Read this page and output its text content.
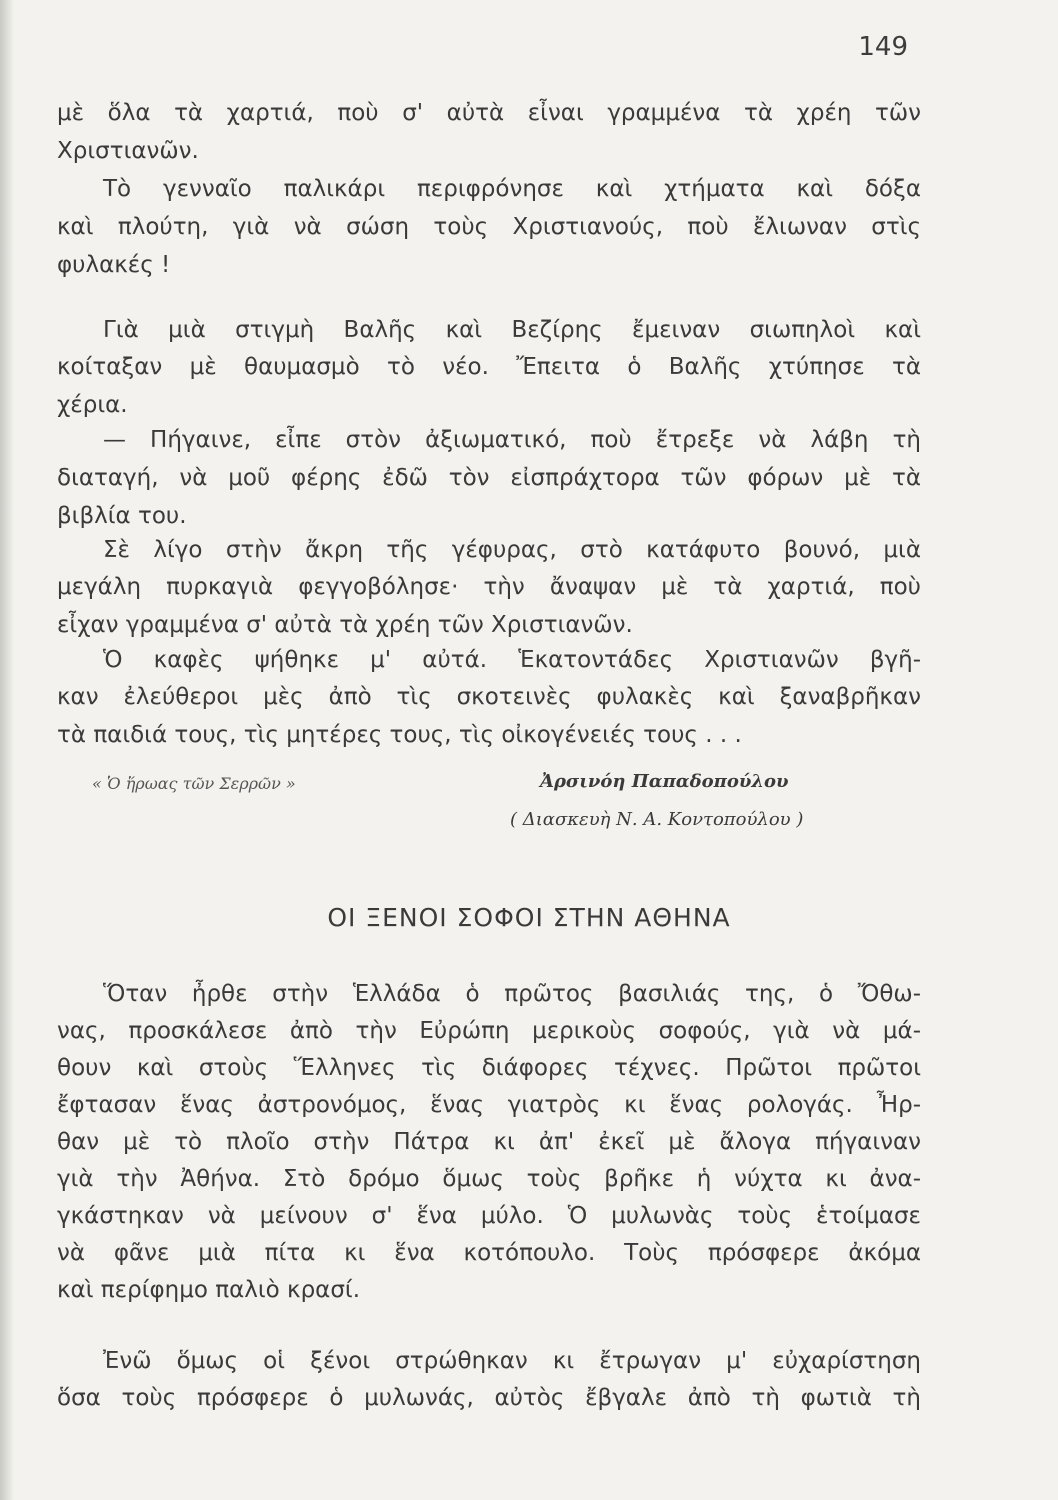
149
μὲ ὅλα τὰ χαρτιά, ποὺ σ' αὐτὰ εἶναι γραμμένα τὰ χρέη τῶν
Χριστιανῶν.
Τὸ γενναῖο παλικάρι περιφρόνησε καὶ χτήματα καὶ δόξα
καὶ πλούτη, γιὰ νὰ σώση τοὺς Χριστιανούς, ποὺ ἔλιωναν στὶς
φυλακές !
Γιὰ μιὰ στιγμὴ Βαλῆς καὶ Βεζίρης ἔμειναν σιωπηλοὶ καὶ
κοίταξαν μὲ θαυμασμὸ τὸ νέο. Ἔπειτα ὁ Βαλῆς χτύπησε τὰ
χέρια.
— Πήγαινε, εἶπε στὸν ἀξιωματικό, ποὺ ἔτρεξε νὰ λάβη τὴ
διαταγή, νὰ μοῦ φέρης ἐδῶ τὸν εἰσπράχτορα τῶν φόρων μὲ τὰ
βιβλία του.
Σὲ λίγο στὴν ἄκρη τῆς γέφυρας, στὸ κατάφυτο βουνό, μιὰ
μεγάλη πυρκαγιὰ φεγγοβόλησε· τὴν ἄναψαν μὲ τὰ χαρτιά, ποὺ
εἶχαν γραμμένα σ' αὐτὰ τὰ χρέη τῶν Χριστιανῶν.
Ὁ καφὲς ψήθηκε μ' αὐτά. Ἑκατοντάδες Χριστιανῶν βγῆ-
καν ἐλεύθεροι μὲς ἀπὸ τὶς σκοτεινὲς φυλακὲς καὶ ξαναβρῆκαν
τὰ παιδιά τους, τὶς μητέρες τους, τὶς οἰκογένειές τους . . .
« Ὁ ἥρωας τῶν Σερρῶν »	Ἀρσινόη Παπαδοπούλου
( Διασκευὴ Ν. Α. Κοντοπούλου )
ΟΙ ΞΕΝΟΙ ΣΟΦΟΙ ΣΤΗΝ ΑΘΗΝΑ
Ὅταν ἦρθε στὴν Ἑλλάδα ὁ πρῶτος βασιλιάς της, ὁ Ὄθω-
νας, προσκάλεσε ἀπὸ τὴν Εὐρώπη μερικοὺς σοφούς, γιὰ νὰ μά-
θουν καὶ στοὺς Ἕλληνες τὶς διάφορες τέχνες. Πρῶτοι πρῶτοι
ἔφτασαν ἕνας ἀστρονόμος, ἕνας γιατρὸς κι ἕνας ρολογάς. Ἦρ-
θαν μὲ τὸ πλοῖο στὴν Πάτρα κι ἀπ' ἐκεῖ μὲ ἄλογα πήγαιναν
γιὰ τὴν Ἀθήνα. Στὸ δρόμο ὅμως τοὺς βρῆκε ἡ νύχτα κι ἀνα-
γκάστηκαν νὰ μείνουν σ' ἕνα μύλο. Ὁ μυλωνὰς τοὺς ἑτοίμασε
νὰ φᾶνε μιὰ πίτα κι ἕνα κοτόπουλο. Τοὺς πρόσφερε ἀκόμα
καὶ περίφημο παλιὸ κρασί.
Ἐνῶ ὅμως οἱ ξένοι στρώθηκαν κι ἔτρωγαν μ' εὐχαρίστηση
ὅσα τοὺς πρόσφερε ὁ μυλωνάς, αὐτὸς ἔβγαλε ἀπὸ τὴ φωτιὰ τὴ
